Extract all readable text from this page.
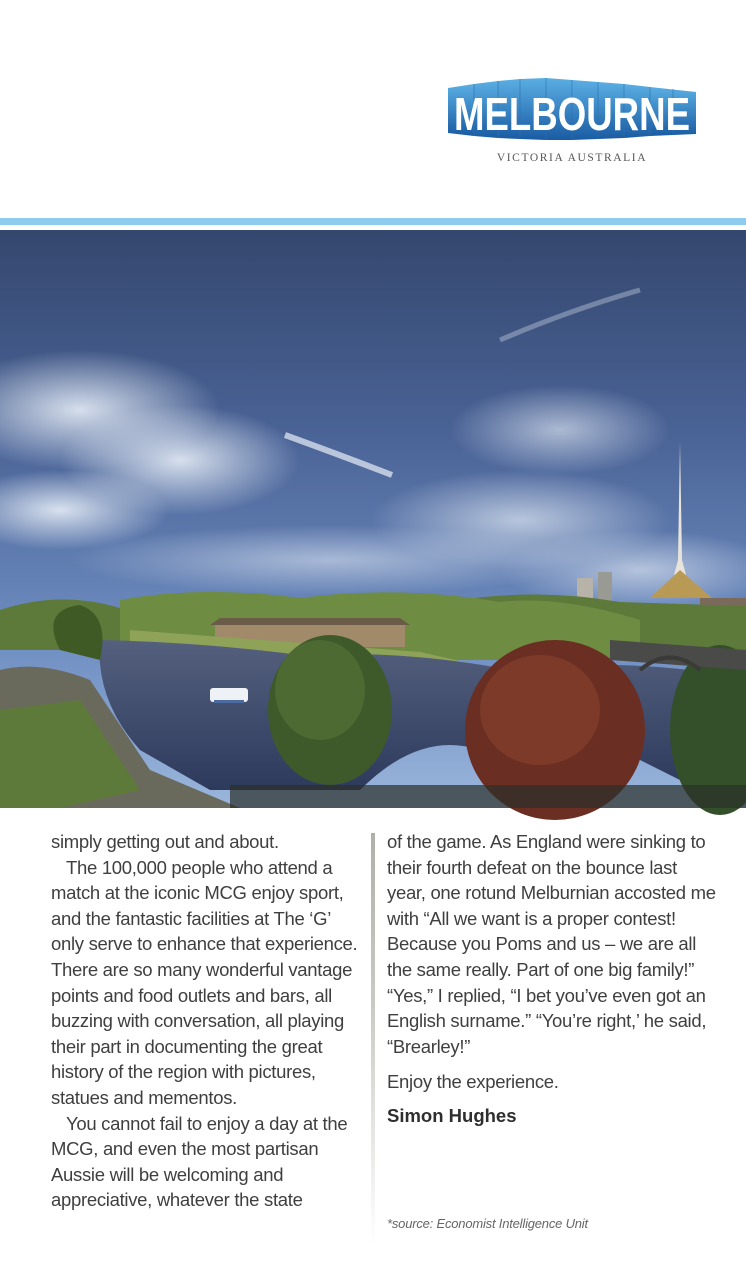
MELBOURNE
VICTORIA AUSTRALIA

simply getting out and about.

The 100,000 people who attend a match at the iconic MCG enjoy sport, and the fantastic facilities at The ‘G’ only serve to enhance that experience. There are so many wonderful vantage points and food outlets and bars, all buzzing with conversation, all playing their part in documenting the great history of the region with pictures, statues and mementos.

You cannot fail to enjoy a day at the MCG, and even the most partisan Aussie will be welcoming and appreciative, whatever the state

of the game. As England were sinking to their fourth defeat on the bounce last year, one rotund Melburnian accosted me with “All we want is a proper contest! Because you Poms and us – we are all the same really. Part of one big family!” “Yes,” I replied, “I bet you’ve even got an English surname.” “You’re right,’ he said, “Brearley!”

Enjoy the experience.

Simon Hughes

*source: Economist Intelligence Unit
